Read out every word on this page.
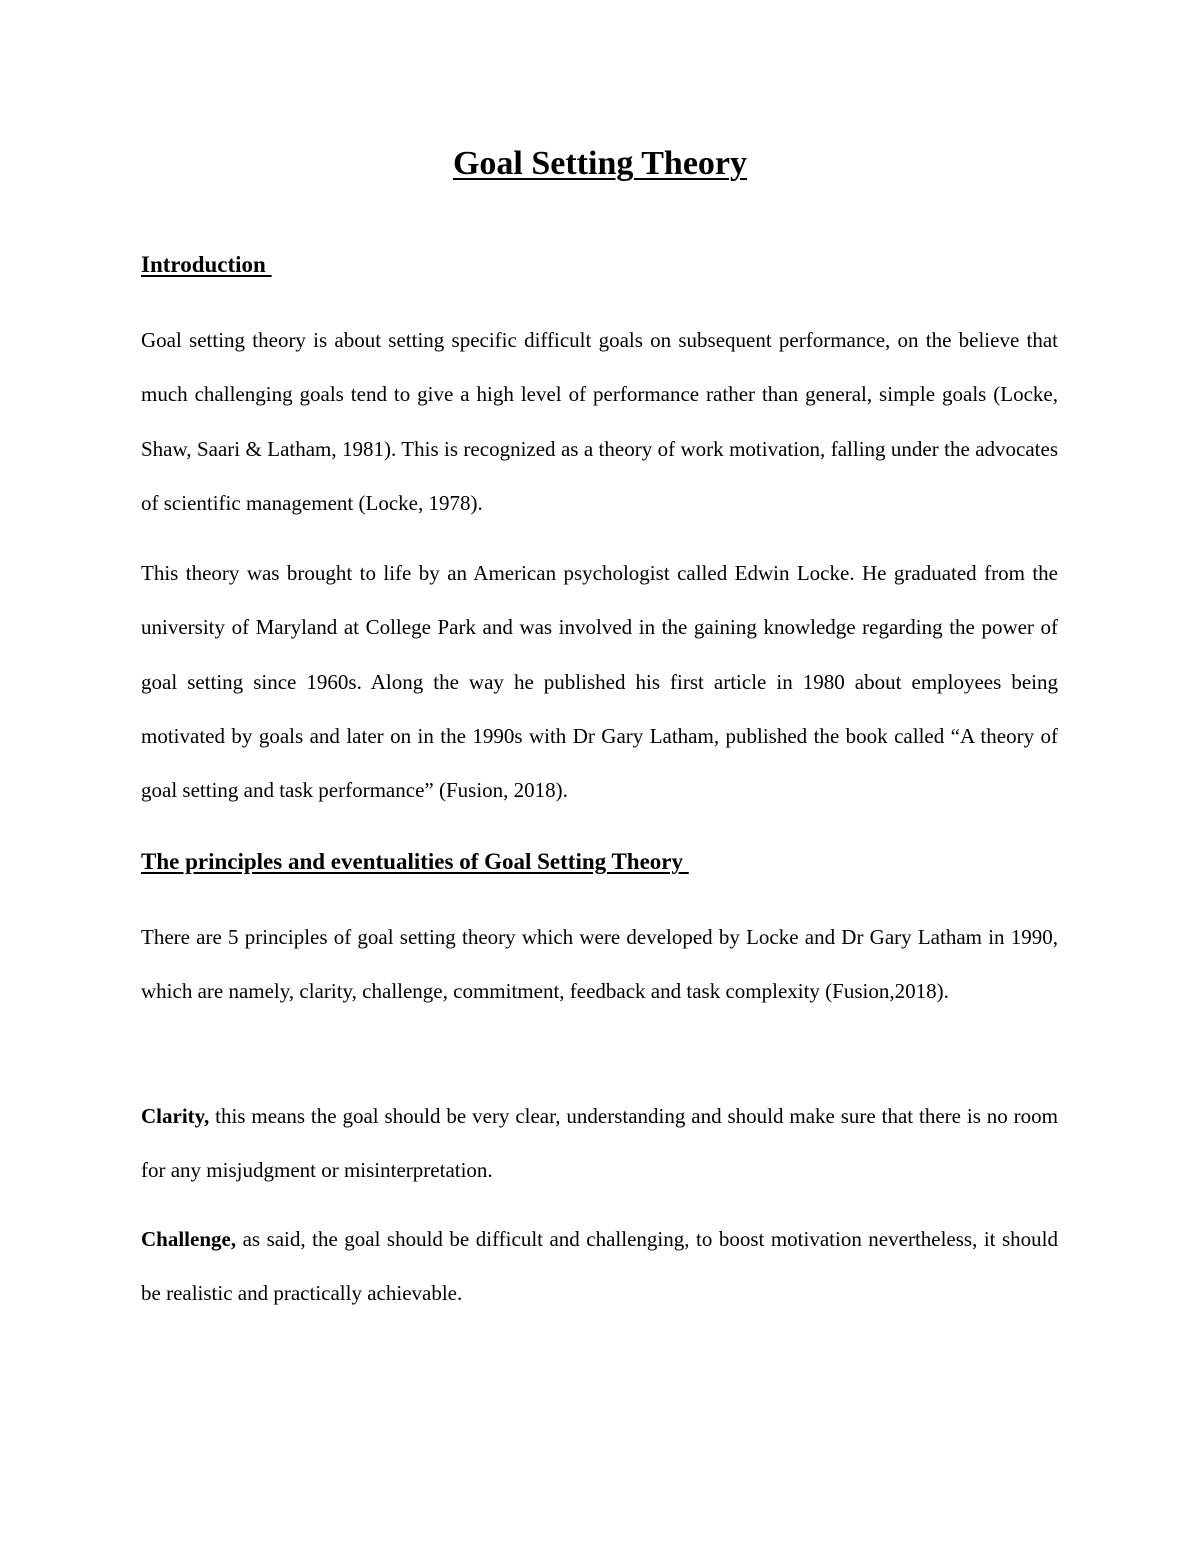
Goal Setting Theory
Introduction

Goal setting theory is about setting specific difficult goals on subsequent performance, on the believe that much challenging goals tend to give a high level of performance rather than general, simple goals (Locke, Shaw, Saari & Latham, 1981). This is recognized as a theory of work motivation, falling under the advocates of scientific management (Locke, 1978).

This theory was brought to life by an American psychologist called Edwin Locke. He graduated from the university of Maryland at College Park and was involved in the gaining knowledge regarding the power of goal setting since 1960s. Along the way he published his first article in 1980 about employees being motivated by goals and later on in the 1990s with Dr Gary Latham, published the book called “A theory of goal setting and task performance” (Fusion, 2018).

The principles and eventualities of Goal Setting Theory

There are 5 principles of goal setting theory which were developed by Locke and Dr Gary Latham in 1990, which are namely, clarity, challenge, commitment, feedback and task complexity (Fusion,2018).

Clarity, this means the goal should be very clear, understanding and should make sure that there is no room for any misjudgment or misinterpretation.

Challenge, as said, the goal should be difficult and challenging, to boost motivation nevertheless, it should be realistic and practically achievable.
